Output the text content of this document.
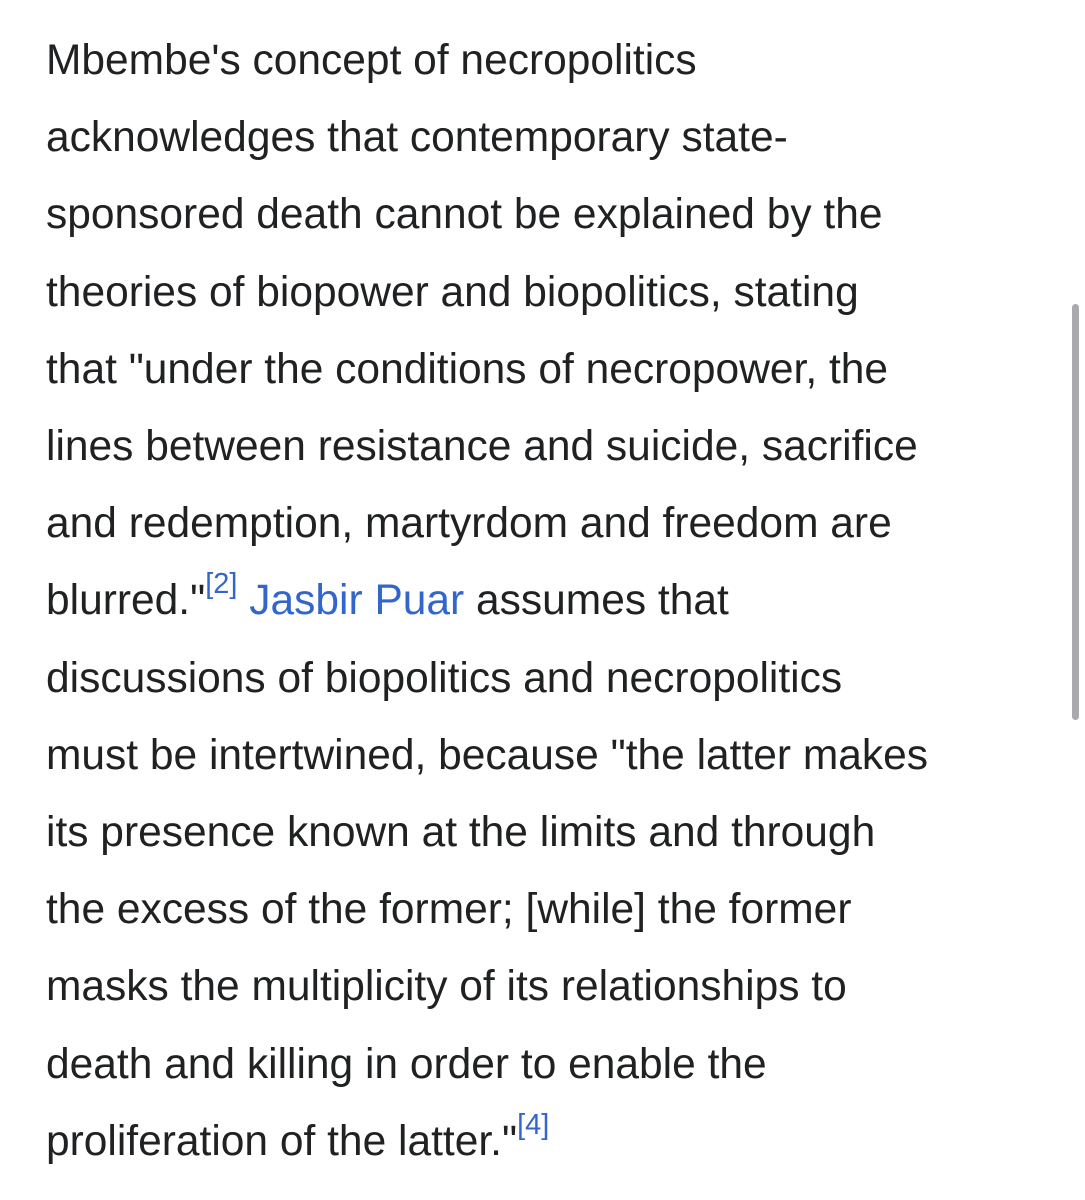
Mbembe's concept of necropolitics
acknowledges that contemporary state-
sponsored death cannot be explained by the
theories of biopower and biopolitics, stating
that "under the conditions of necropower, the
lines between resistance and suicide, sacrifice
and redemption, martyrdom and freedom are
blurred."[2] Jasbir Puar assumes that
discussions of biopolitics and necropolitics
must be intertwined, because "the latter makes
its presence known at the limits and through
the excess of the former; [while] the former
masks the multiplicity of its relationships to
death and killing in order to enable the
proliferation of the latter."[4]
